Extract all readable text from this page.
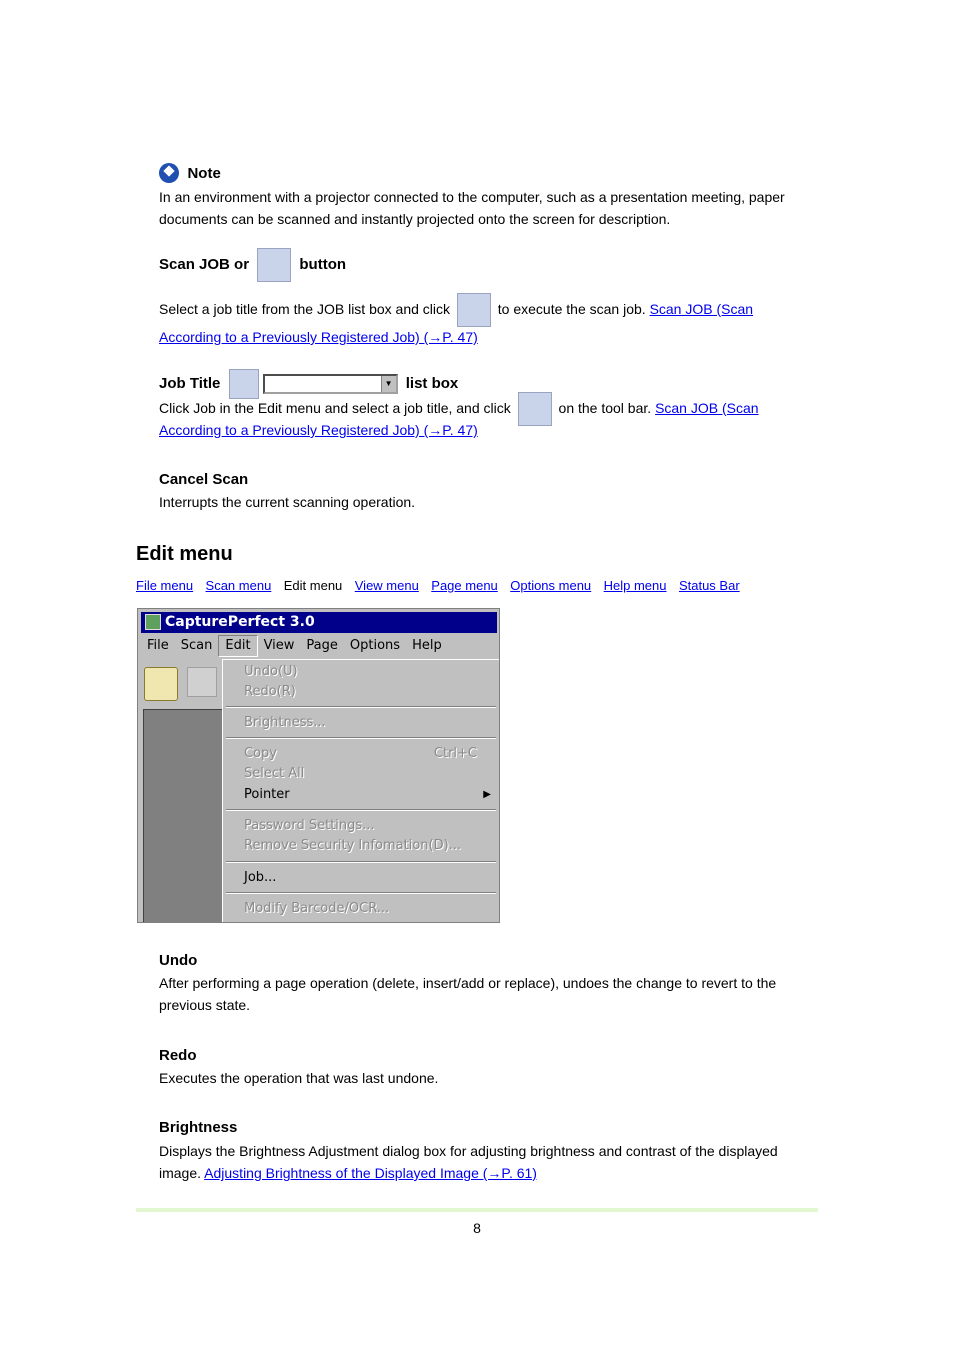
Note
In an environment with a projector connected to the computer, such as a presentation meeting, paper
documents can be scanned and instantly projected onto the screen for description.
Scan JOB or	button
Select a job title from the JOB list box and click	to execute the scan job. Scan JOB (Scan
According to a Previously Registered Job) (→P. 47)
Job Title	▼ list box
Click Job in the Edit menu and select a job title, and click	on the tool bar. Scan JOB (Scan
According to a Previously Registered Job) (→P. 47)
Cancel Scan
Interrupts the current scanning operation.
Edit menu
File menu Scan menu Edit menu View menu Page menu Options menu Help menu Status Bar
CapturePerfect 3.0
File Scan Edit View Page Options Help
Undo(U)
Redo(R)
Brightness...
Copy	Ctrl+C
Select All
Pointer	▶
Password Settings...
Remove Security Infomation(D)...
Job...
Modify Barcode/OCR...
Undo
After performing a page operation (delete, insert/add or replace), undoes the change to revert to the
previous state.
Redo
Executes the operation that was last undone.
Brightness
Displays the Brightness Adjustment dialog box for adjusting brightness and contrast of the displayed
image. Adjusting Brightness of the Displayed Image (→P. 61)
8
